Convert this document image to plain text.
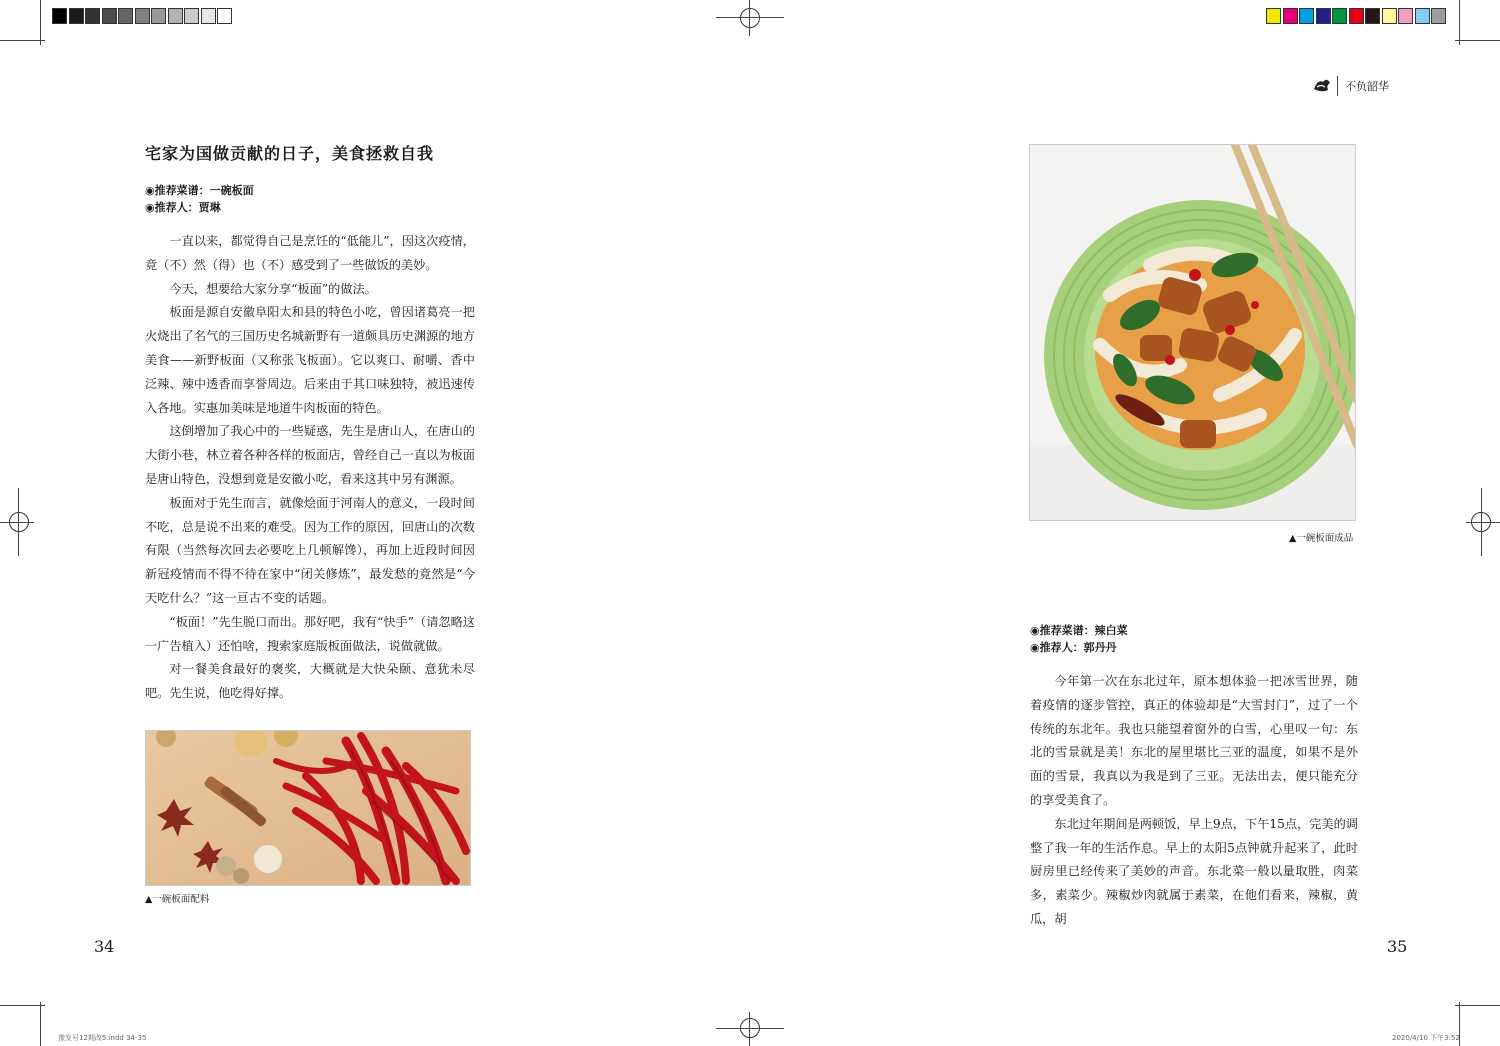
不负韶华
宅家为国做贡献的日子，美食拯救自我
◉推荐菜谱：一碗板面
◉推荐人：贾琳

一直以来，都觉得自己是烹饪的“低能儿”，因这次疫情，竟（不）然（得）也（不）感受到了一些做饭的美妙。

今天，想要给大家分享“板面”的做法。

板面是源自安徽阜阳太和县的特色小吃，曾因诸葛亮一把火烧出了名气的三国历史名城新野有一道颇具历史渊源的地方美食——新野板面（又称张飞板面）。它以爽口、耐嚼、香中泛辣、辣中透香而享誉周边。后来由于其口味独特，被迅速传入各地。实惠加美味是地道牛肉板面的特色。

这倒增加了我心中的一些疑惑，先生是唐山人，在唐山的大街小巷，林立着各种各样的板面店，曾经自己一直以为板面是唐山特色，没想到竟是安徽小吃，看来这其中另有渊源。

板面对于先生而言，就像烩面于河南人的意义，一段时间不吃，总是说不出来的难受。因为工作的原因，回唐山的次数有限（当然每次回去必要吃上几顿解馋），再加上近段时间因新冠疫情而不得不待在家中“闭关修炼”，最发愁的竟然是“今天吃什么？”这一亘古不变的话题。

“板面！”先生脱口而出。那好吧，我有“快手”（请忽略这一广告植入）还怕啥，搜索家庭版板面做法，说做就做。

对一餐美食最好的褒奖，大概就是大快朵颐、意犹未尽吧。先生说，他吃得好撑。

▲一碗板面配料
34
▲一碗板面成品
◉推荐菜谱：辣白菜
◉推荐人：郭丹丹

今年第一次在东北过年，原本想体验一把冰雪世界，随着疫情的逐步管控，真正的体验却是“大雪封门”，过了一个传统的东北年。我也只能望着窗外的白雪，心里叹一句：东北的雪景就是美！东北的屋里堪比三亚的温度，如果不是外面的雪景，我真以为我是到了三亚。无法出去，便只能充分的享受美食了。

东北过年期间是两顿饭，早上9点，下午15点，完美的调整了我一年的生活作息。早上的太阳5点钟就升起来了，此时厨房里已经传来了美妙的声音。东北菜一般以量取胜，肉菜多，素菜少。辣椒炒肉就属于素菜，在他们看来，辣椒，黄瓜，胡

35
豫发号12期改5.indd 34-35	2020/4/10 下午3:52
